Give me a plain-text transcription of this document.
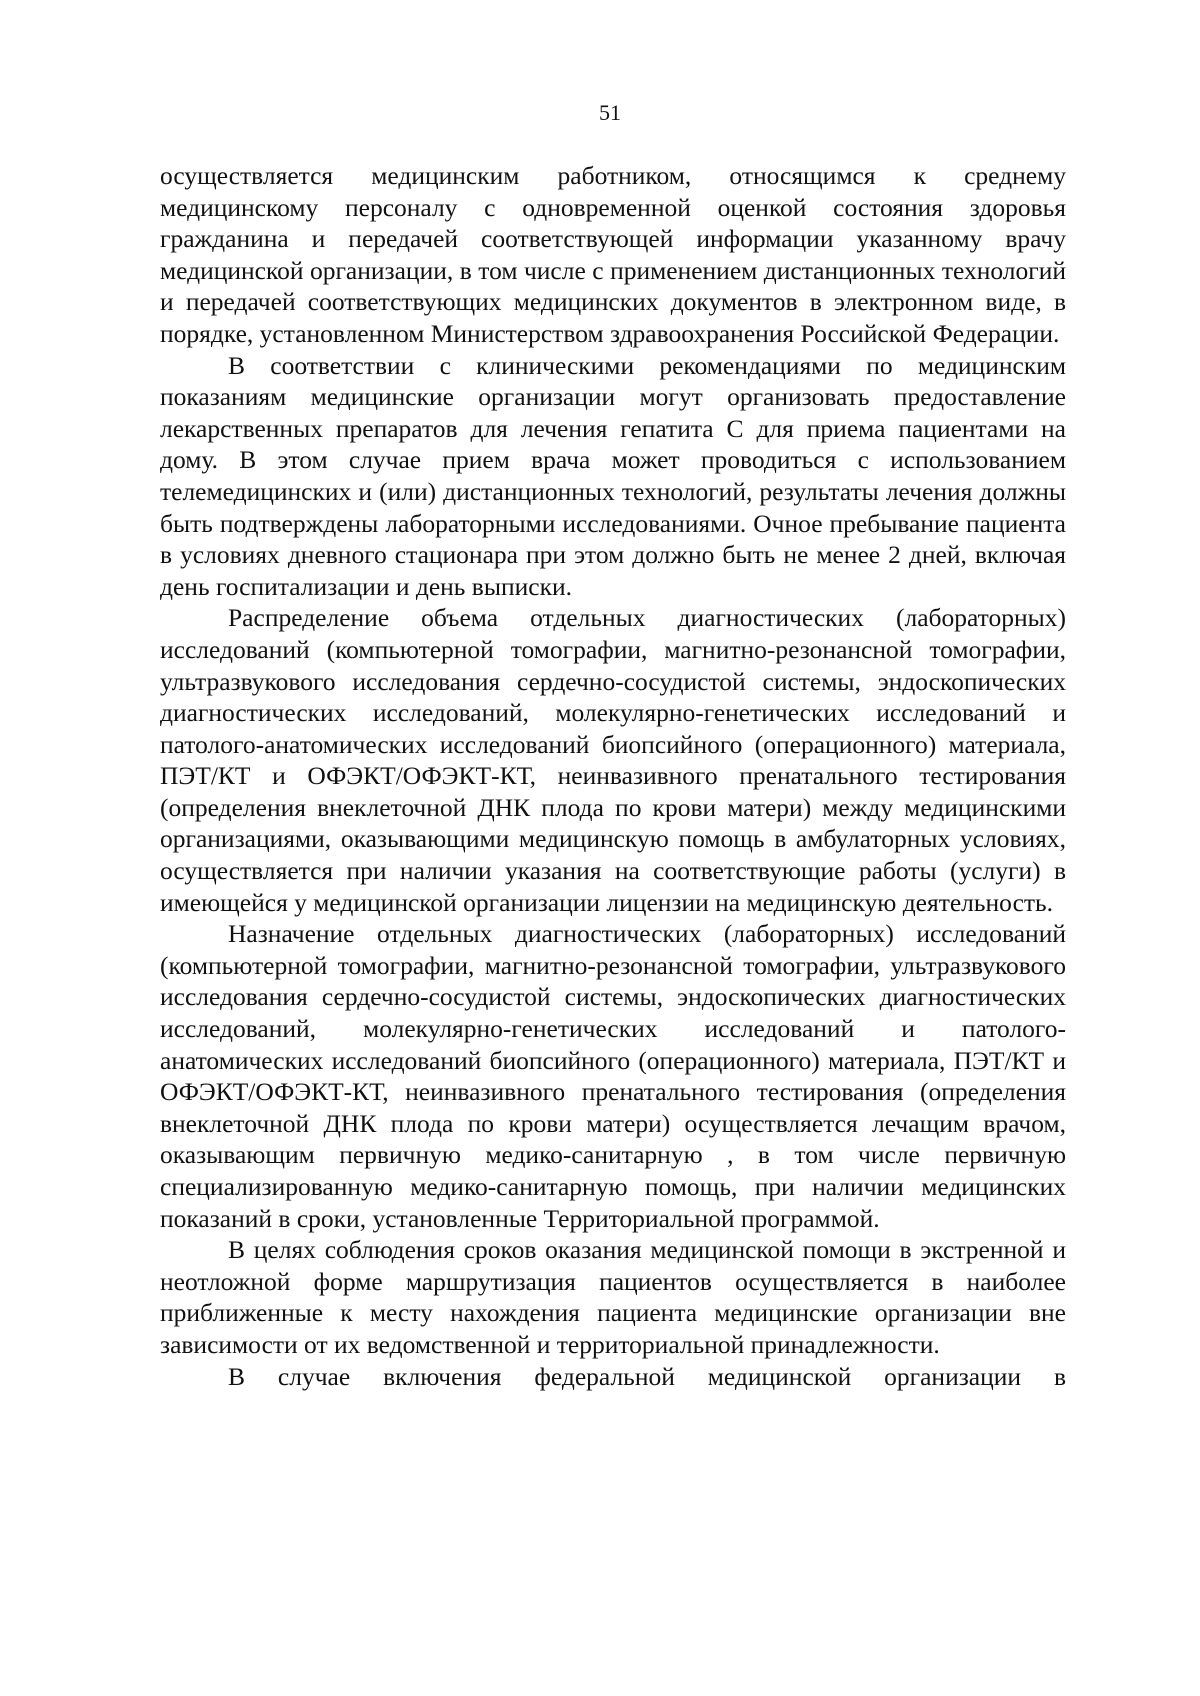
51

осуществляется медицинским работником, относящимся к среднему медицинскому персоналу с одновременной оценкой состояния здоровья гражданина и передачей соответствующей информации указанному врачу медицинской организации, в том числе с применением дистанционных технологий и передачей соответствующих медицинских документов в электронном виде, в порядке, установленном Министерством здравоохранения Российской Федерации.

В соответствии с клиническими рекомендациями по медицинским показаниям медицинские организации могут организовать предоставление лекарственных препаратов для лечения гепатита С для приема пациентами на дому. В этом случае прием врача может проводиться с использованием телемедицинских и (или) дистанционных технологий, результаты лечения должны быть подтверждены лабораторными исследованиями. Очное пребывание пациента в условиях дневного стационара при этом должно быть не менее 2 дней, включая день госпитализации и день выписки.

Распределение объема отдельных диагностических (лабораторных) исследований (компьютерной томографии, магнитно-резонансной томографии, ультразвукового исследования сердечно-сосудистой системы, эндоскопических диагностических исследований, молекулярно-генетических исследований и патолого-анатомических исследований биопсийного (операционного) материала, ПЭТ/КТ и ОФЭКТ/ОФЭКТ-КТ, неинвазивного пренатального тестирования (определения внеклеточной ДНК плода по крови матери) между медицинскими организациями, оказывающими медицинскую помощь в амбулаторных условиях, осуществляется при наличии указания на соответствующие работы (услуги) в имеющейся у медицинской организации лицензии на медицинскую деятельность.

Назначение отдельных диагностических (лабораторных) исследований (компьютерной томографии, магнитно-резонансной томографии, ультразвукового исследования сердечно-сосудистой системы, эндоскопических диагностических исследований, молекулярно-генетических исследований и патолого-анатомических исследований биопсийного (операционного) материала, ПЭТ/КТ и ОФЭКТ/ОФЭКТ-КТ, неинвазивного пренатального тестирования (определения внеклеточной ДНК плода по крови матери) осуществляется лечащим врачом, оказывающим первичную медико-санитарную , в том числе первичную специализированную медико-санитарную помощь, при наличии медицинских показаний в сроки, установленные Территориальной программой.

В целях соблюдения сроков оказания медицинской помощи в экстренной и неотложной форме маршрутизация пациентов осуществляется в наиболее приближенные к месту нахождения пациента медицинские организации вне зависимости от их ведомственной и территориальной принадлежности.

В случае включения федеральной медицинской организации в
